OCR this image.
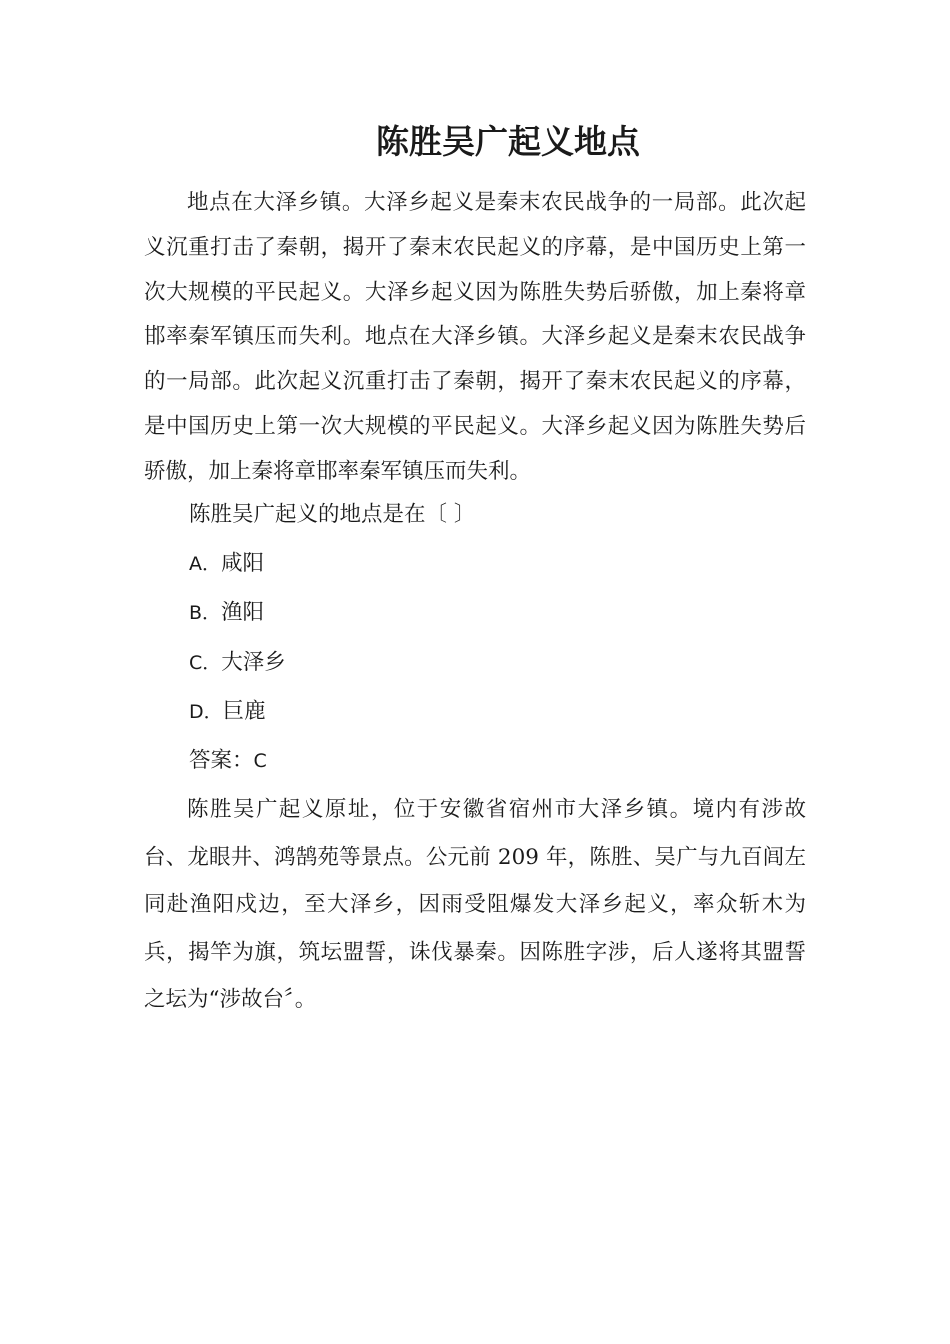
陈胜吴广起义地点

地点在大泽乡镇。大泽乡起义是秦末农民战争的一局部。此次起义沉重打击了秦朝，揭开了秦末农民起义的序幕，是中国历史上第一次大规模的平民起义。大泽乡起义因为陈胜失势后骄傲，加上秦将章邯率秦军镇压而失利。地点在大泽乡镇。大泽乡起义是秦末农民战争的一局部。此次起义沉重打击了秦朝，揭开了秦末农民起义的序幕，是中国历史上第一次大规模的平民起义。大泽乡起义因为陈胜失势后骄傲，加上秦将章邯率秦军镇压而失利。

陈胜吴广起义的地点是在〔 〕

A．咸阳

B．渔阳

C．大泽乡

D．巨鹿

答案：C

陈胜吴广起义原址，位于安徽省宿州市大泽乡镇。境内有涉故台、龙眼井、鸿鹄苑等景点。公元前 209 年，陈胜、吴广与九百闾左同赴渔阳戍边，至大泽乡，因雨受阻爆发大泽乡起义，率众斩木为兵，揭竿为旗，筑坛盟誓，诛伐暴秦。因陈胜字涉，后人遂将其盟誓之坛为“涉故台〞。
